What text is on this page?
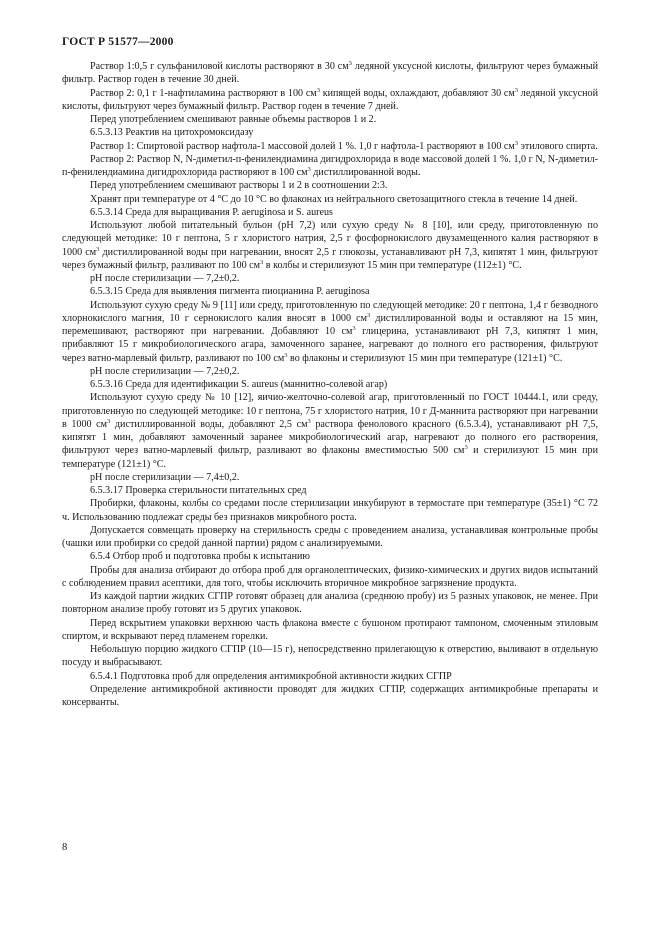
ГОСТ Р 51577—2000

Раствор 1:0,5 г сульфаниловой кислоты растворяют в 30 $см^3$ ледяной уксусной кислоты, фильтруют через бумажный фильтр. Раствор годен в течение 30 дней.

Раствор 2: 0,1 г 1-нафтиламина растворяют в 100 $см^3$ кипящей воды, охлаждают, добавляют 30 $см^3$ ледяной уксусной кислоты, фильтруют через бумажный фильтр. Раствор годен в течение 7 дней.

Перед употреблением смешивают равные объемы растворов 1 и 2.

6.5.3.13 Реактив на цитохромоксидазу

Раствор 1: Спиртовой раствор нафтола-1 массовой долей 1 %. 1,0 г нафтола-1 растворяют в 100 $см^3$ этилового спирта.

Раствор 2: Раствор N, N-диметил-п-фенилендиамина дигидрохлорида в воде массовой долей 1 %. 1,0 г N, N-диметил-п-фенилендиамина дигидрохлорида растворяют в 100 $см^3$ дистиллированной воды.

Перед употреблением смешивают растворы 1 и 2 в соотношении 2:3.

Хранят при температуре от 4 °С до 10 °С во флаконах из нейтрального светозащитного стекла в течение 14 дней.

6.5.3.14 Среда для выращивания P. aeruginosa и S. aureus

Используют любой питательный бульон (pH 7,2) или сухую среду № 8 [10], или среду, приготовленную по следующей методике: 10 г пептона, 5 г хлористого натрия, 2,5 г фосфорнокислого двузамещенного калия растворяют в 1000 $см^3$ дистиллированной воды при нагревании, вносят 2,5 г глюкозы, устанавливают pH 7,3, кипятят 1 мин, фильтруют через бумажный фильтр, разливают по 100 $см^3$ в колбы и стерилизуют 15 мин при температуре (112±1) °С.

pH после стерилизации — 7,2±0,2.

6.5.3.15 Среда для выявления пигмента пиоцианина P. aeruginosa

Используют сухую среду № 9 [11] или среду, приготовленную по следующей методике: 20 г пептона, 1,4 г безводного хлорнокислого магния, 10 г сернокислого калия вносят в 1000 $см^3$ дистиллированной воды и оставляют на 15 мин, перемешивают, растворяют при нагревании. Добавляют 10 $см^3$ глицерина, устанавливают pH 7,3, кипятят 1 мин, прибавляют 15 г микробиологического агара, замоченного заранее, нагревают до полного его растворения, фильтруют через ватно-марлевый фильтр, разливают по 100 $см^3$ во флаконы и стерилизуют 15 мин при температуре (121±1) °С.

pH после стерилизации — 7,2±0,2.

6.5.3.16 Среда для идентификации S. aureus (маннитно-солевой агар)

Используют сухую среду № 10 [12], яичио-желточно-солевой агар, приготовленный по ГОСТ 10444.1, или среду, приготовленную по следующей методике: 10 г пептона, 75 г хлористого натрия, 10 г Д-маннита растворяют при нагревании в 1000 $см^3$ дистиллированной воды, добавляют 2,5 $см^3$ раствора фенолового красного (6.5.3.4), устанавливают pH 7,5, кипятят 1 мин, добавляют замоченный заранее микробиологический агар, нагревают до полного его растворения, фильтруют через ватно-марлевый фильтр, разливают во флаконы вместимостью 500 $см^3$ и стерилизуют 15 мин при температуре (121±1) °С.

pH после стерилизации — 7,4±0,2.

6.5.3.17 Проверка стерильности питательных сред

Пробирки, флаконы, колбы со средами после стерилизации инкубируют в термостате при температуре (35±1) °С 72 ч. Использованию подлежат среды без признаков микробного роста.

Допускается совмещать проверку на стерильность среды с проведением анализа, устанавливая контрольные пробы (чашки или пробирки со средой данной партии) рядом с анализируемыми.

6.5.4 Отбор проб и подготовка пробы к испытанию

Пробы для анализа отбирают до отбора проб для органолептических, физико-химических и других видов испытаний с соблюдением правил асептики, для того, чтобы исключить вторичное микробное загрязнение продукта.

Из каждой партии жидких СГПР готовят образец для анализа (среднюю пробу) из 5 разных упаковок, не менее. При повторном анализе пробу готовят из 5 других упаковок.

Перед вскрытием упаковки верхнюю часть флакона вместе с бушоном протирают тампоном, смоченным этиловым спиртом, и вскрывают перед пламенем горелки.

Небольшую порцию жидкого СГПР (10—15 г), непосредственно прилегающую к отверстию, выливают в отдельную посуду и выбрасывают.

6.5.4.1 Подготовка проб для определения антимикробной активности жидких СГПР

Определение антимикробной активности проводят для жидких СГПР, содержащих антимикробные препараты и консерванты.

8
